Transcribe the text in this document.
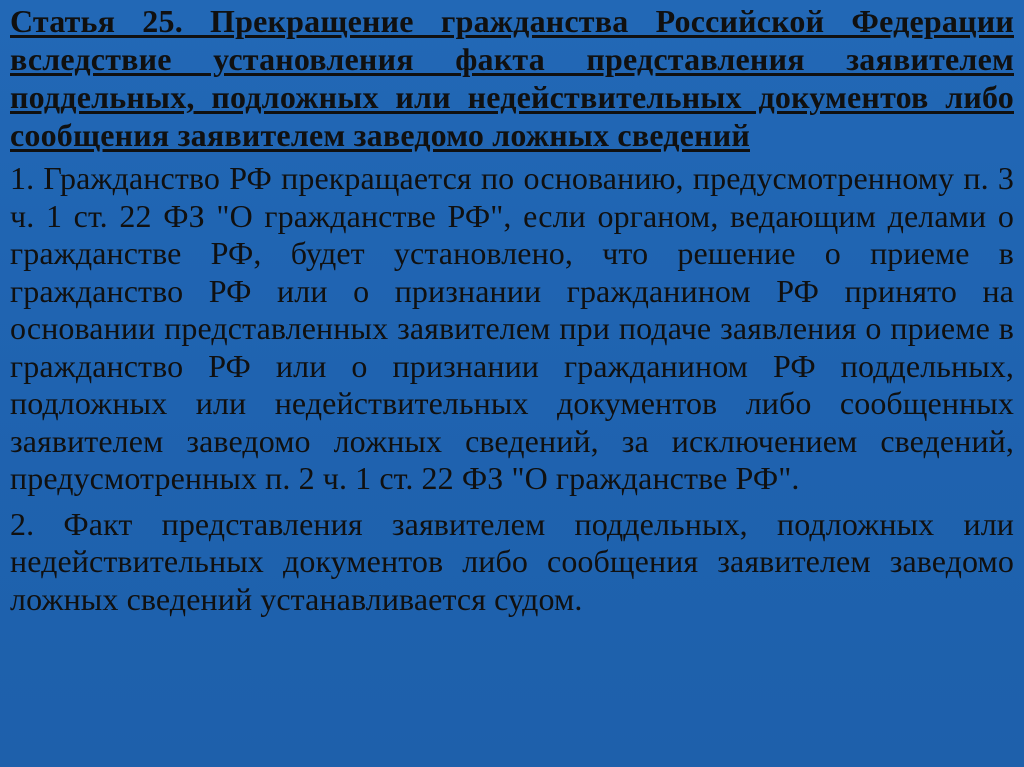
Статья 25. Прекращение гражданства Российской Федерации вследствие установления факта представления заявителем поддельных, подложных или недействительных документов либо сообщения заявителем заведомо ложных сведений
1. Гражданство РФ прекращается по основанию, предусмотренному п. 3 ч. 1 ст. 22 ФЗ "О гражданстве РФ", если органом, ведающим делами о гражданстве РФ, будет установлено, что решение о приеме в гражданство РФ или о признании гражданином РФ принято на основании представленных заявителем при подаче заявления о приеме в гражданство РФ или о признании гражданином РФ поддельных, подложных или недействительных документов либо сообщенных заявителем заведомо ложных сведений, за исключением сведений, предусмотренных п. 2 ч. 1 ст. 22 ФЗ "О гражданстве РФ".
2. Факт представления заявителем поддельных, подложных или недействительных документов либо сообщения заявителем заведомо ложных сведений устанавливается судом.
